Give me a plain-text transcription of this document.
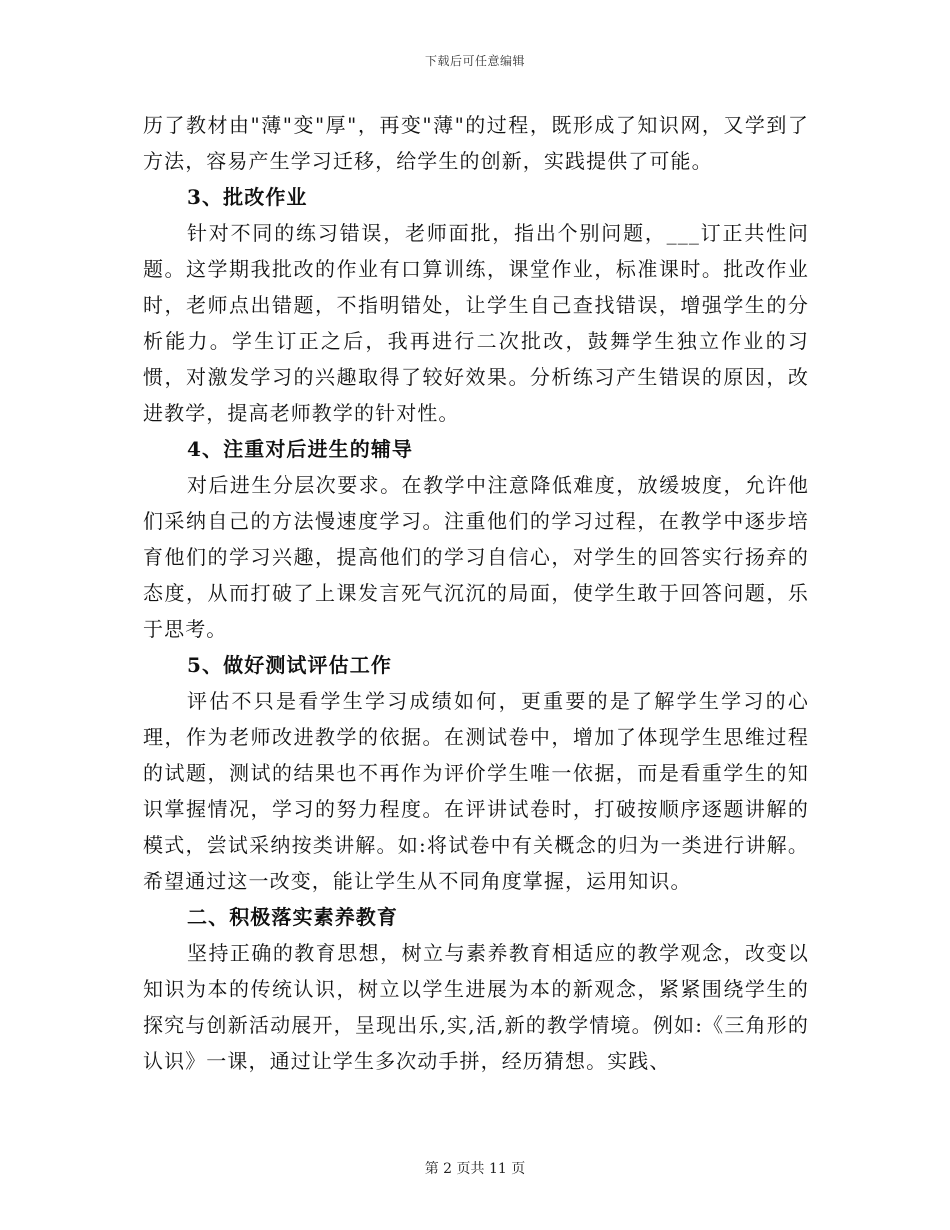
下载后可任意编辑

历了教材由"薄"变"厚"，再变"薄"的过程，既形成了知识网，又学到了方法，容易产生学习迁移，给学生的创新，实践提供了可能。

3、批改作业

针对不同的练习错误，老师面批，指出个别问题，___订正共性问题。这学期我批改的作业有口算训练，课堂作业，标准课时。批改作业时，老师点出错题，不指明错处，让学生自己查找错误，增强学生的分析能力。学生订正之后，我再进行二次批改，鼓舞学生独立作业的习惯，对激发学习的兴趣取得了较好效果。分析练习产生错误的原因，改进教学，提高老师教学的针对性。

4、注重对后进生的辅导

对后进生分层次要求。在教学中注意降低难度，放缓坡度，允许他们采纳自己的方法慢速度学习。注重他们的学习过程，在教学中逐步培育他们的学习兴趣，提高他们的学习自信心，对学生的回答实行扬弃的态度，从而打破了上课发言死气沉沉的局面，使学生敢于回答问题，乐于思考。

5、做好测试评估工作

评估不只是看学生学习成绩如何，更重要的是了解学生学习的心理，作为老师改进教学的依据。在测试卷中，增加了体现学生思维过程的试题，测试的结果也不再作为评价学生唯一依据，而是看重学生的知识掌握情况，学习的努力程度。在评讲试卷时，打破按顺序逐题讲解的模式，尝试采纳按类讲解。如:将试卷中有关概念的归为一类进行讲解。希望通过这一改变，能让学生从不同角度掌握，运用知识。

二、积极落实素养教育

坚持正确的教育思想，树立与素养教育相适应的教学观念，改变以知识为本的传统认识，树立以学生进展为本的新观念，紧紧围绕学生的探究与创新活动展开，呈现出乐,实,活,新的教学情境。例如:《三角形的认识》一课，通过让学生多次动手拼，经历猜想。实践、

第 2 页共 11 页
